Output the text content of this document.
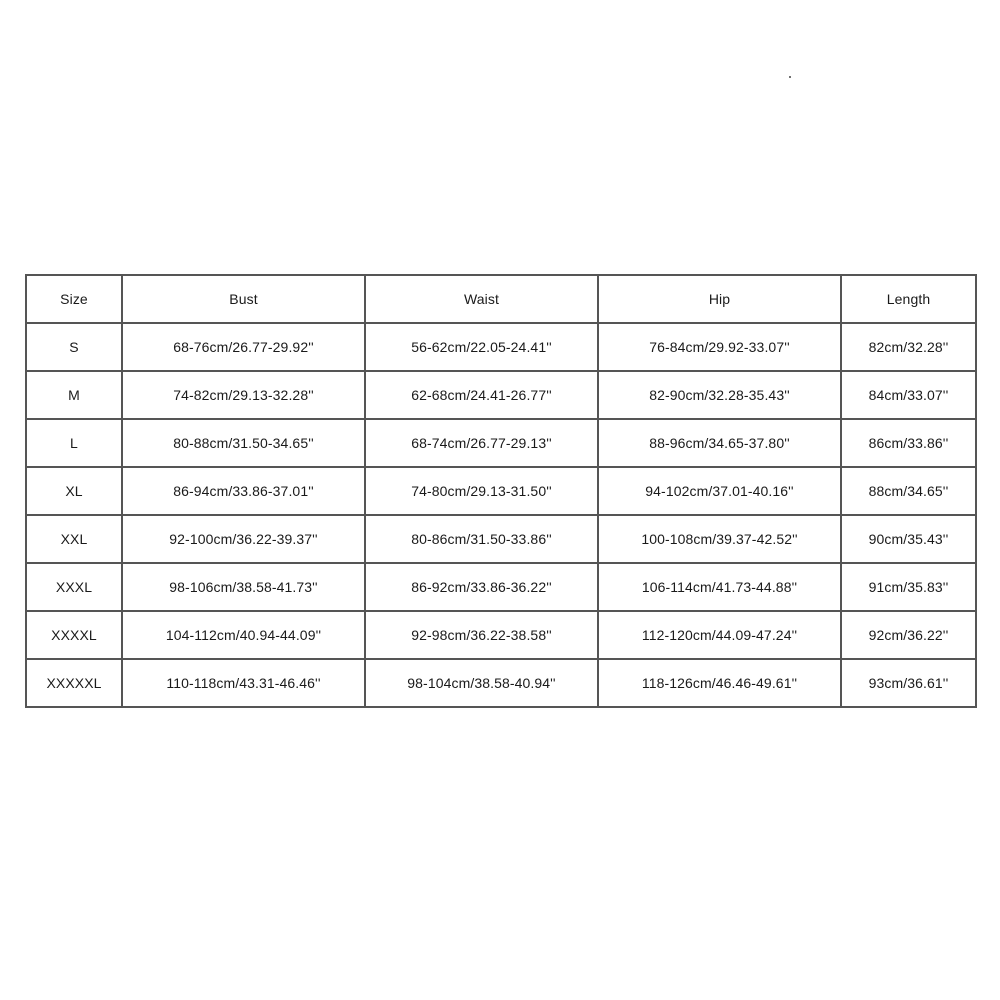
Size	Bust	Waist	Hip	Length
S	68-76cm/26.77-29.92''	56-62cm/22.05-24.41''	76-84cm/29.92-33.07''	82cm/32.28''
M	74-82cm/29.13-32.28''	62-68cm/24.41-26.77''	82-90cm/32.28-35.43''	84cm/33.07''
L	80-88cm/31.50-34.65''	68-74cm/26.77-29.13''	88-96cm/34.65-37.80''	86cm/33.86''
XL	86-94cm/33.86-37.01''	74-80cm/29.13-31.50''	94-102cm/37.01-40.16''	88cm/34.65''
XXL	92-100cm/36.22-39.37''	80-86cm/31.50-33.86''	100-108cm/39.37-42.52''	90cm/35.43''
XXXL	98-106cm/38.58-41.73''	86-92cm/33.86-36.22''	106-114cm/41.73-44.88''	91cm/35.83''
XXXXL	104-112cm/40.94-44.09''	92-98cm/36.22-38.58''	112-120cm/44.09-47.24''	92cm/36.22''
XXXXXL	110-118cm/43.31-46.46''	98-104cm/38.58-40.94''	118-126cm/46.46-49.61''	93cm/36.61''
